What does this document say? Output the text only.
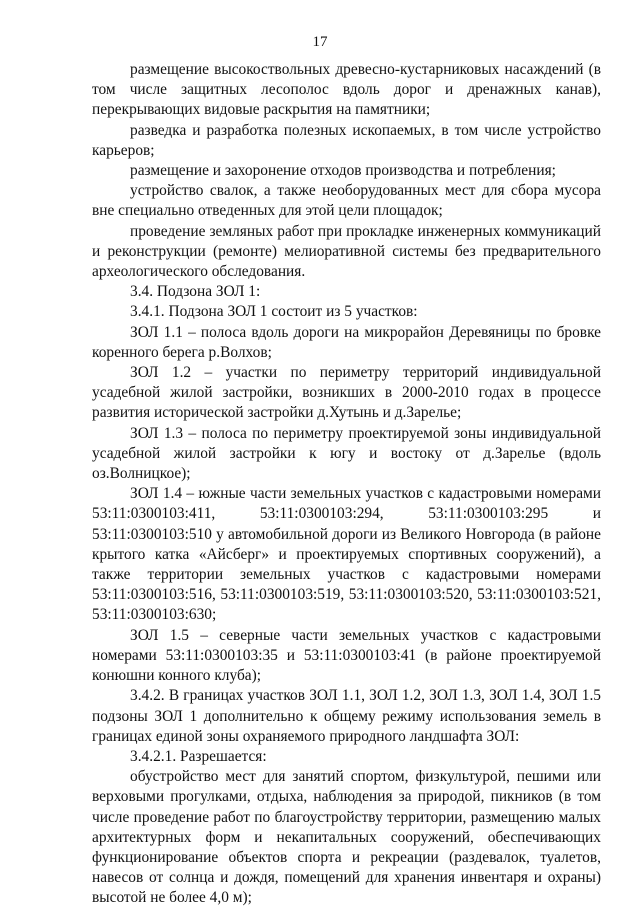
17

размещение высокоствольных древесно-кустарниковых насаждений (в том числе защитных лесополос вдоль дорог и дренажных канав), перекрывающих видовые раскрытия на памятники;

разведка и разработка полезных ископаемых, в том числе устройство карьеров;

размещение и захоронение отходов производства и потребления;

устройство свалок, а также необорудованных мест для сбора мусора вне специально отведенных для этой цели площадок;

проведение земляных работ при прокладке инженерных коммуникаций и реконструкции (ремонте) мелиоративной системы без предварительного археологического обследования.

3.4. Подзона ЗОЛ 1:

3.4.1. Подзона ЗОЛ 1 состоит из 5 участков:

ЗОЛ 1.1 – полоса вдоль дороги на микрорайон Деревяницы по бровке коренного берега р.Волхов;

ЗОЛ 1.2 – участки по периметру территорий индивидуальной усадебной жилой застройки, возникших в 2000-2010 годах в процессе развития исторической застройки д.Хутынь и д.Зарелье;

ЗОЛ 1.3 – полоса по периметру проектируемой зоны индивидуальной усадебной жилой застройки к югу и востоку от д.Зарелье (вдоль оз.Волницкое);

ЗОЛ 1.4 – южные части земельных участков с кадастровыми номерами 53:11:0300103:411, 53:11:0300103:294, 53:11:0300103:295 и 53:11:0300103:510 у автомобильной дороги из Великого Новгорода (в районе крытого катка «Айсберг» и проектируемых спортивных сооружений), а также территории земельных участков с кадастровыми номерами 53:11:0300103:516, 53:11:0300103:519, 53:11:0300103:520, 53:11:0300103:521, 53:11:0300103:630;

ЗОЛ 1.5 – северные части земельных участков с кадастровыми номерами 53:11:0300103:35 и 53:11:0300103:41 (в районе проектируемой конюшни конного клуба);

3.4.2. В границах участков ЗОЛ 1.1, ЗОЛ 1.2, ЗОЛ 1.3, ЗОЛ 1.4, ЗОЛ 1.5 подзоны ЗОЛ 1 дополнительно к общему режиму использования земель в границах единой зоны охраняемого природного ландшафта ЗОЛ:

3.4.2.1. Разрешается:

обустройство мест для занятий спортом, физкультурой, пешими или верховыми прогулками, отдыха, наблюдения за природой, пикников (в том числе проведение работ по благоустройству территории, размещению малых архитектурных форм и некапитальных сооружений, обеспечивающих функционирование объектов спорта и рекреации (раздевалок, туалетов, навесов от солнца и дождя, помещений для хранения инвентаря и охраны) высотой не более 4,0 м);
